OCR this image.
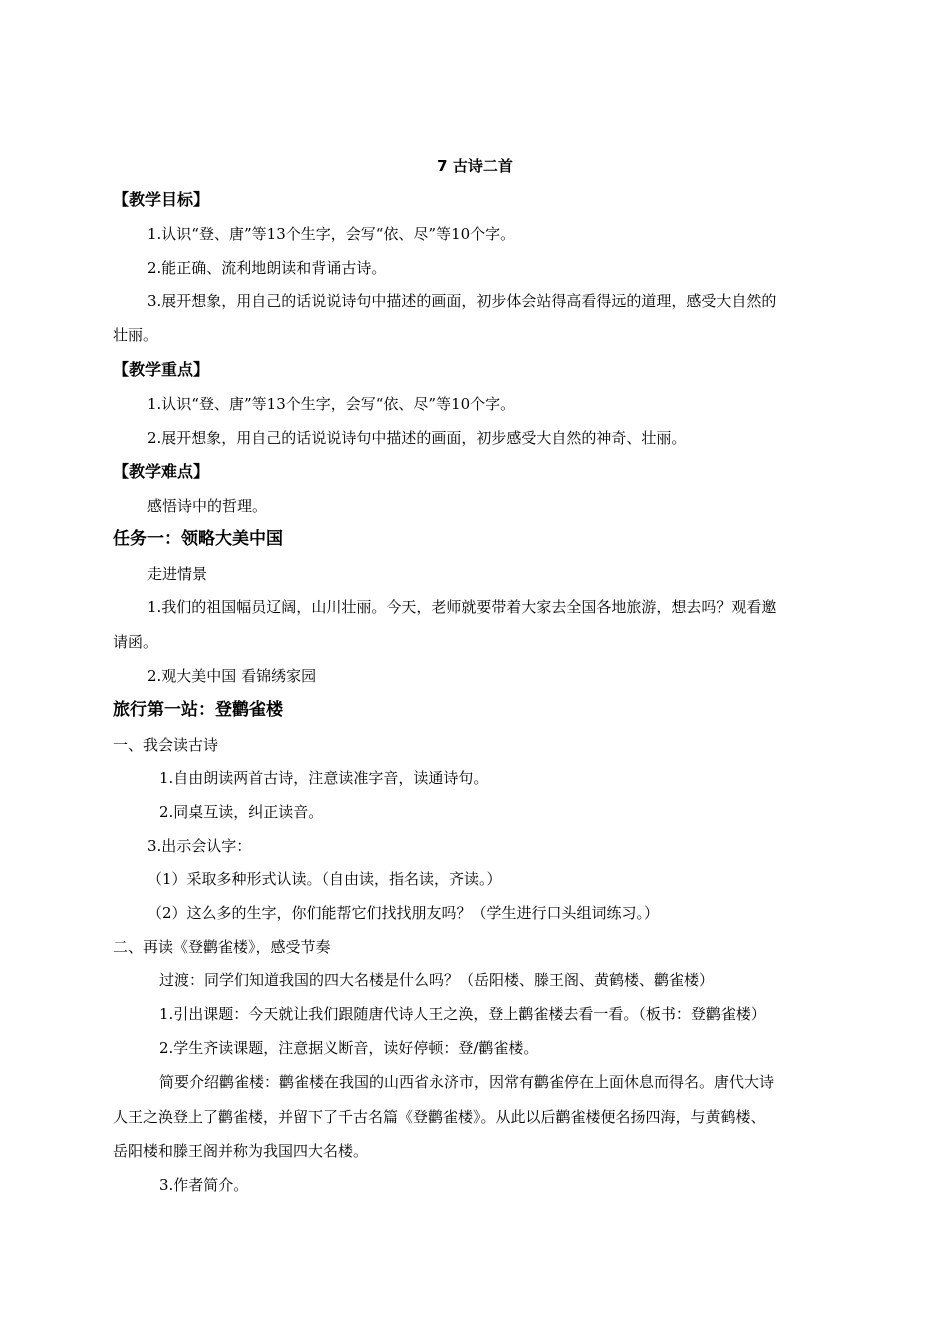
7 古诗二首

【教学目标】

1.认识“登、唐”等13个生字，会写“依、尽”等10个字。

2.能正确、流利地朗读和背诵古诗。

3.展开想象，用自己的话说说诗句中描述的画面，初步体会站得高看得远的道理，感受大自然的

壮丽。

【教学重点】

1.认识“登、唐”等13个生字，会写“依、尽”等10个字。

2.展开想象，用自己的话说说诗句中描述的画面，初步感受大自然的神奇、壮丽。

【教学难点】

感悟诗中的哲理。

任务一：领略大美中国

走进情景

1.我们的祖国幅员辽阔，山川壮丽。今天，老师就要带着大家去全国各地旅游，想去吗？观看邀

请函。

2.观大美中国 看锦绣家园

旅行第一站：登鹳雀楼

一、我会读古诗

1.自由朗读两首古诗，注意读准字音，读通诗句。

2.同桌互读，纠正读音。

3.出示会认字：

（1）采取多种形式认读。（自由读，指名读，齐读。）

（2）这么多的生字，你们能帮它们找找朋友吗？（学生进行口头组词练习。）

二、再读《登鹳雀楼》，感受节奏

过渡：同学们知道我国的四大名楼是什么吗？（岳阳楼、滕王阁、黄鹤楼、鹳雀楼）

1.引出课题：今天就让我们跟随唐代诗人王之涣，登上鹳雀楼去看一看。（板书：登鹳雀楼）

2.学生齐读课题，注意据义断音，读好停顿：登/鹳雀楼。

简要介绍鹳雀楼：鹳雀楼在我国的山西省永济市，因常有鹳雀停在上面休息而得名。唐代大诗

人王之涣登上了鹳雀楼，并留下了千古名篇《登鹳雀楼》。从此以后鹳雀楼便名扬四海，与黄鹤楼、

岳阳楼和滕王阁并称为我国四大名楼。

3.作者简介。
